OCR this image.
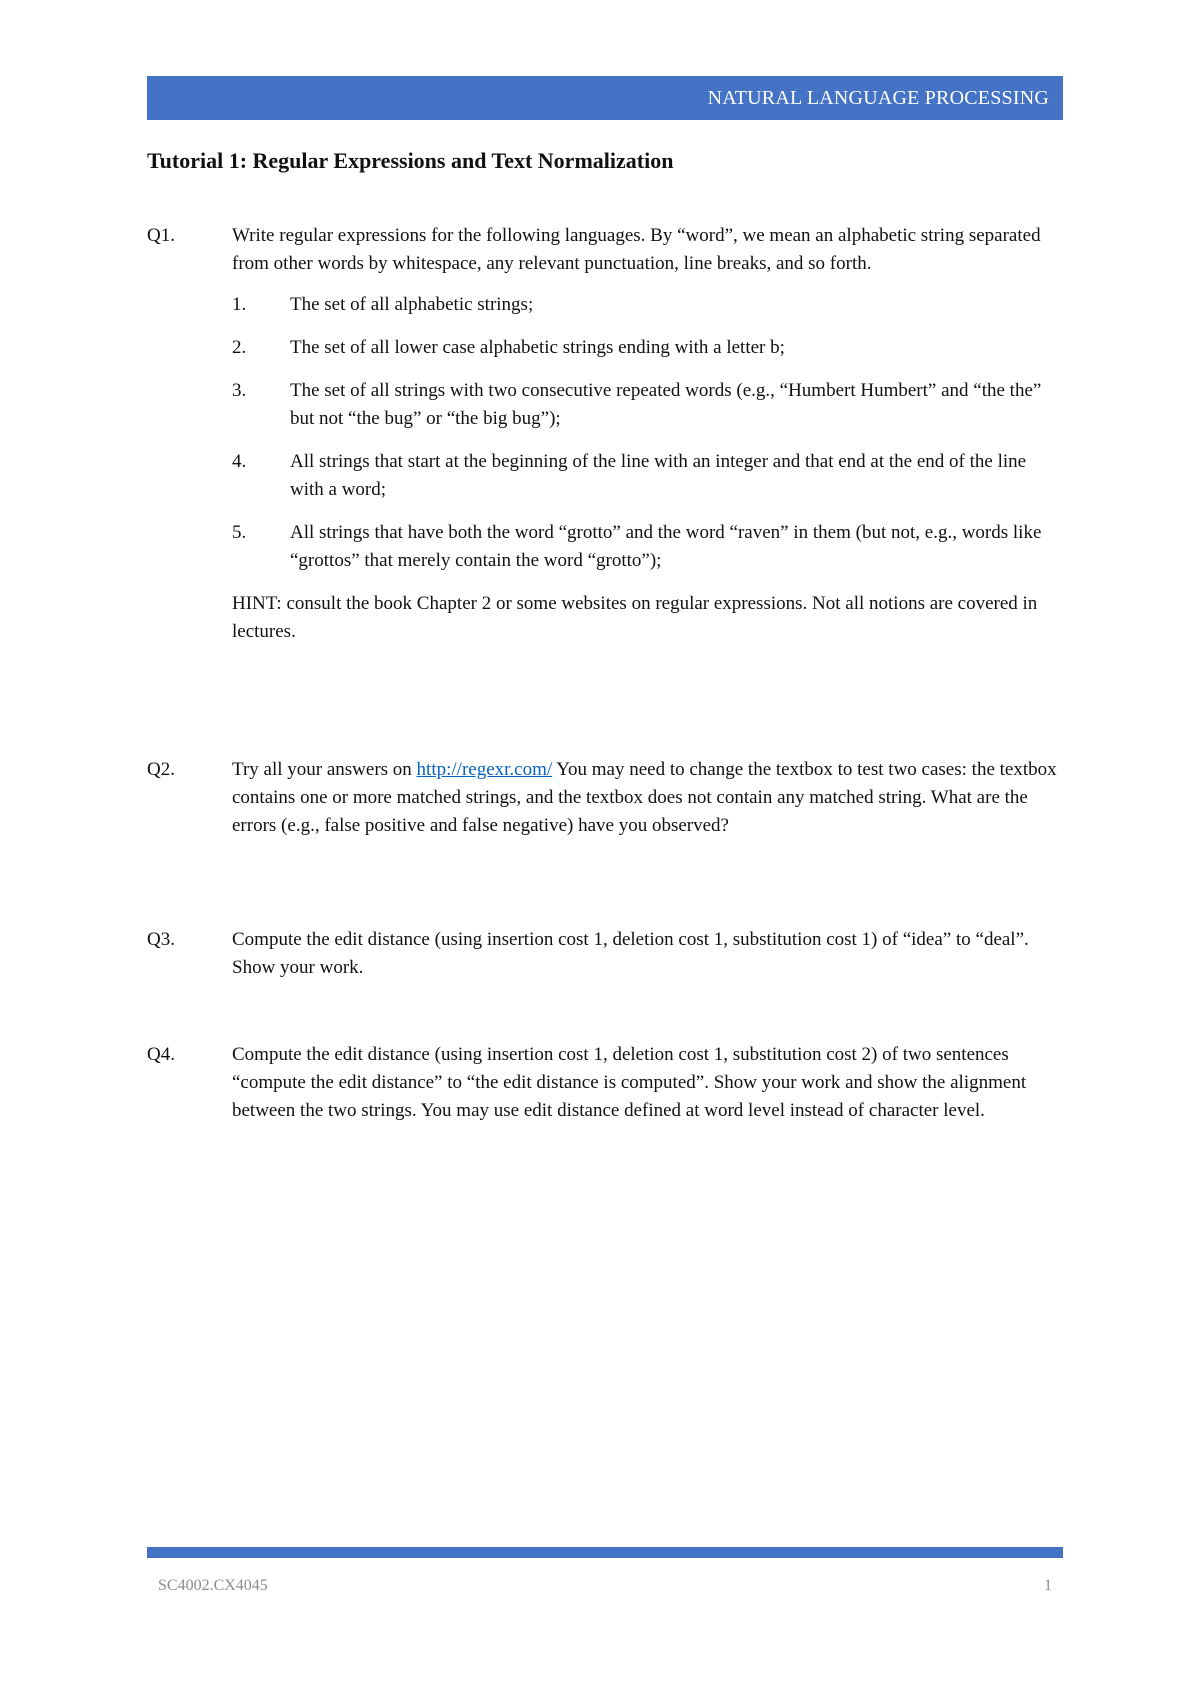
NATURAL LANGUAGE PROCESSING
Tutorial 1: Regular Expressions and Text Normalization
Q1.	Write regular expressions for the following languages. By “word”, we mean an alphabetic string separated from other words by whitespace, any relevant punctuation, line breaks, and so forth.

1. The set of all alphabetic strings;
2. The set of all lower case alphabetic strings ending with a letter b;
3. The set of all strings with two consecutive repeated words (e.g., “Humbert Humbert” and “the the” but not “the bug” or “the big bug”);
4. All strings that start at the beginning of the line with an integer and that end at the end of the line with a word;
5. All strings that have both the word “grotto” and the word “raven” in them (but not, e.g., words like “grottos” that merely contain the word “grotto”);

HINT: consult the book Chapter 2 or some websites on regular expressions. Not all notions are covered in lectures.

Q2.	Try all your answers on http://regexr.com/ You may need to change the textbox to test two cases: the textbox contains one or more matched strings, and the textbox does not contain any matched string. What are the errors (e.g., false positive and false negative) have you observed?

Q3.	Compute the edit distance (using insertion cost 1, deletion cost 1, substitution cost 1) of “idea” to “deal”. Show your work.

Q4.	Compute the edit distance (using insertion cost 1, deletion cost 1, substitution cost 2) of two sentences “compute the edit distance” to “the edit distance is computed”. Show your work and show the alignment between the two strings. You may use edit distance defined at word level instead of character level.

SC4002.CX4045	1
